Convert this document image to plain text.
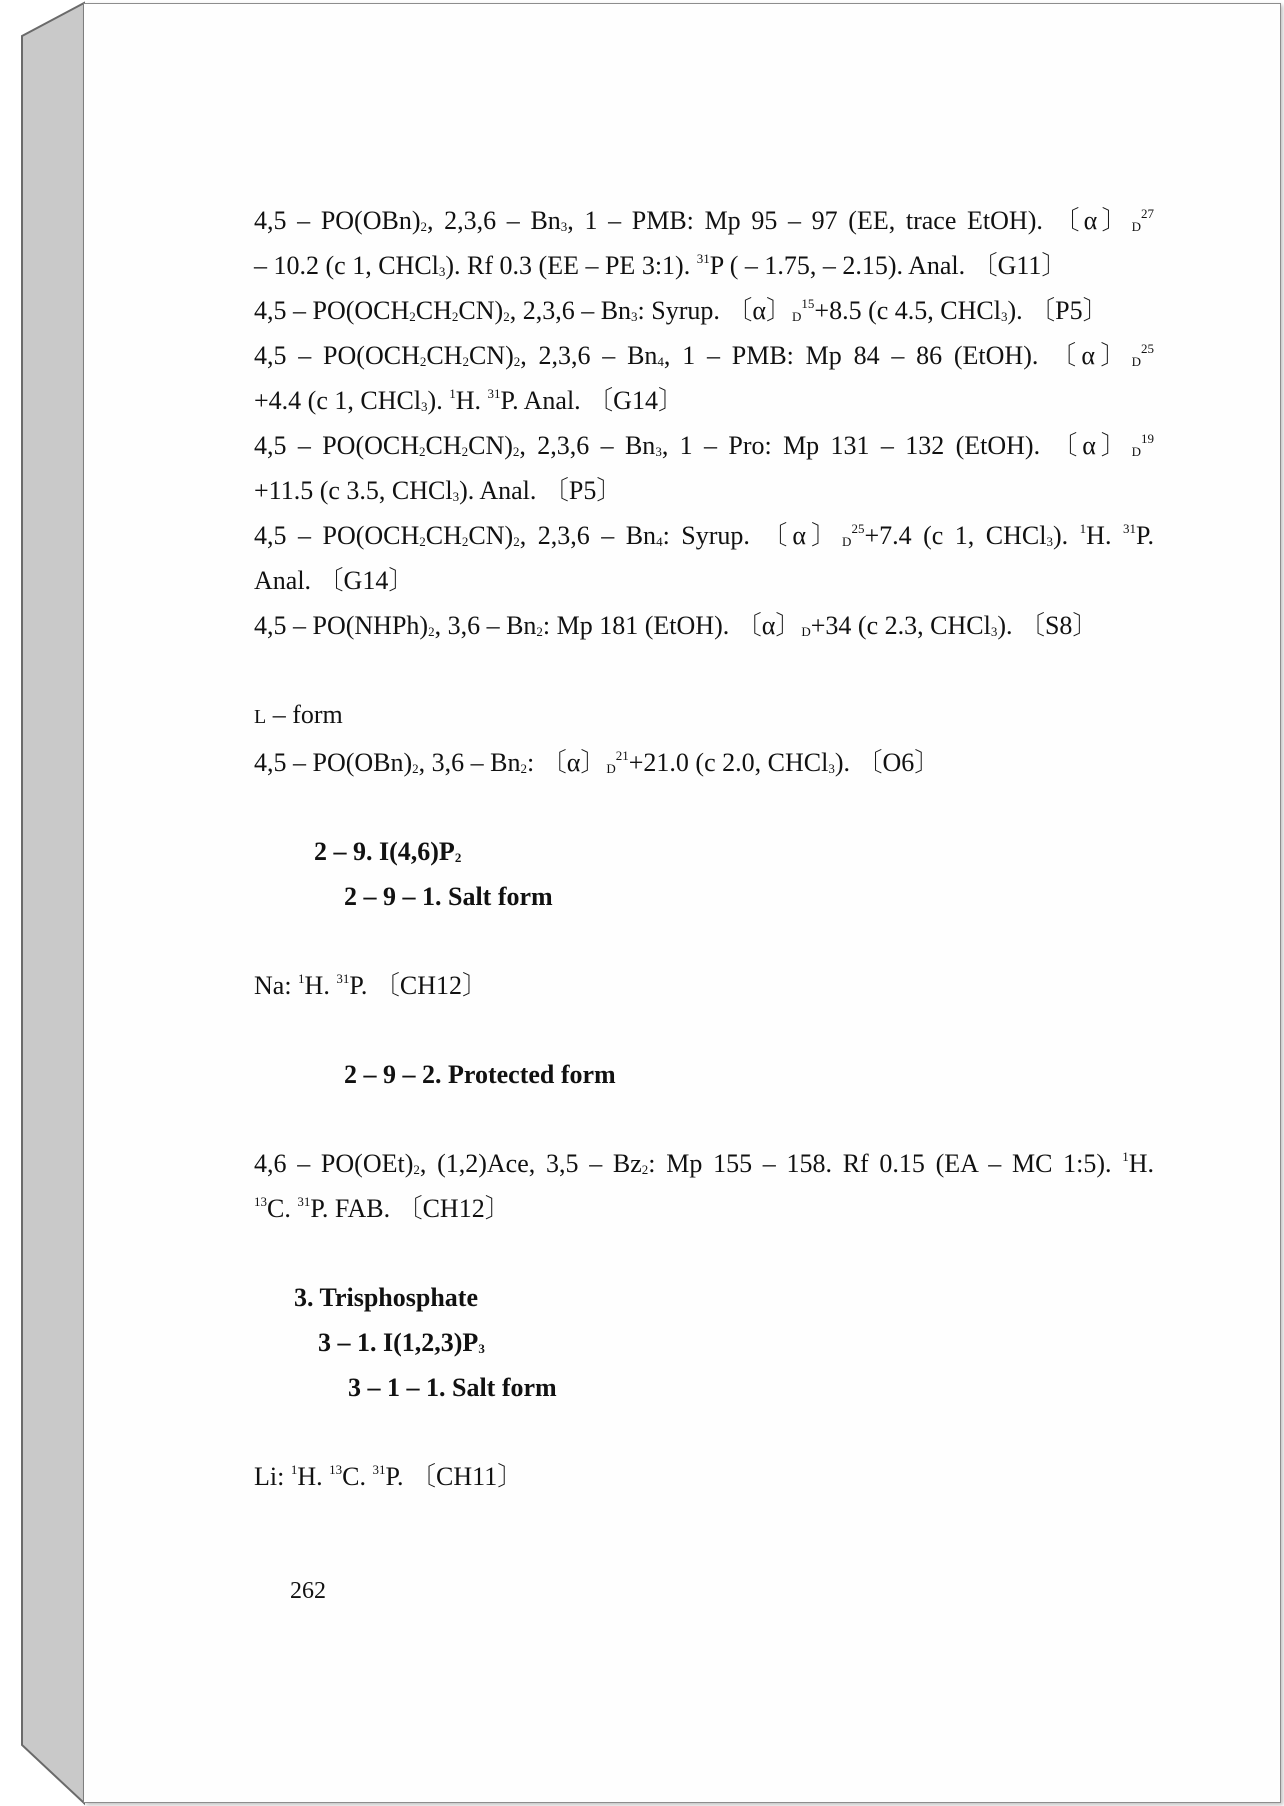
$4,5 - PO(OBn)_2$, $2,3,6 - Bn_3$, 1 – PMB: Mp 95 – 97 (EE, trace EtOH). 〔α〕$_D^{27}$
– 10.2 (c 1, CHCl$_3$). Rf 0.3 (EE – PE 3:1). $^{31}$P ( – 1.75, – 2.15). Anal. 〔G11〕
$4,5 - PO(OCH_2CH_2CN)_2$, $2,3,6 - Bn_3$: Syrup. 〔α〕$_D^{15}$+8.5 (c 4.5, CHCl$_3$). 〔P5〕
$4,5 - PO(OCH_2CH_2CN)_2$, $2,3,6 - Bn_4$, 1 – PMB: Mp 84 – 86 (EtOH). 〔α〕$_D^{25}$
+4.4 (c 1, CHCl$_3$). $^1$H. $^{31}$P. Anal. 〔G14〕
$4,5 - PO(OCH_2CH_2CN)_2$, $2,3,6 - Bn_3$, 1 – Pro: Mp 131 – 132 (EtOH). 〔α〕$_D^{19}$
+11.5 (c 3.5, CHCl$_3$). Anal. 〔P5〕
$4,5 - PO(OCH_2CH_2CN)_2$, $2,3,6 - Bn_4$: Syrup. 〔α〕$_D^{25}$+7.4 (c 1, CHCl$_3$). $^1$H. $^{31}$P.
Anal. 〔G14〕
$4,5 - PO(NHPh)_2$, $3,6 - Bn_2$: Mp 181 (EtOH). 〔α〕$_D$+34 (c 2.3, CHCl$_3$). 〔S8〕
L – form
$4,5 - PO(OBn)_2$, $3,6 - Bn_2$: 〔α〕$_D^{21}$+21.0 (c 2.0, CHCl$_3$). 〔O6〕
2 – 9. $I(4,6)P_2$
2 – 9 – 1. Salt form
Na: $^1$H. $^{31}$P. 〔CH12〕
2 – 9 – 2. Protected form
$4,6 - PO(OEt)_2$, (1,2)Ace, $3,5 - Bz_2$: Mp 155 – 158. Rf 0.15 (EA – MC 1:5). $^1$H.
$^{13}$C. $^{31}$P. FAB. 〔CH12〕
3. Trisphosphate
3 – 1. $I(1,2,3)P_3$
3 – 1 – 1. Salt form
Li: $^1$H. $^{13}$C. $^{31}$P. 〔CH11〕
262
